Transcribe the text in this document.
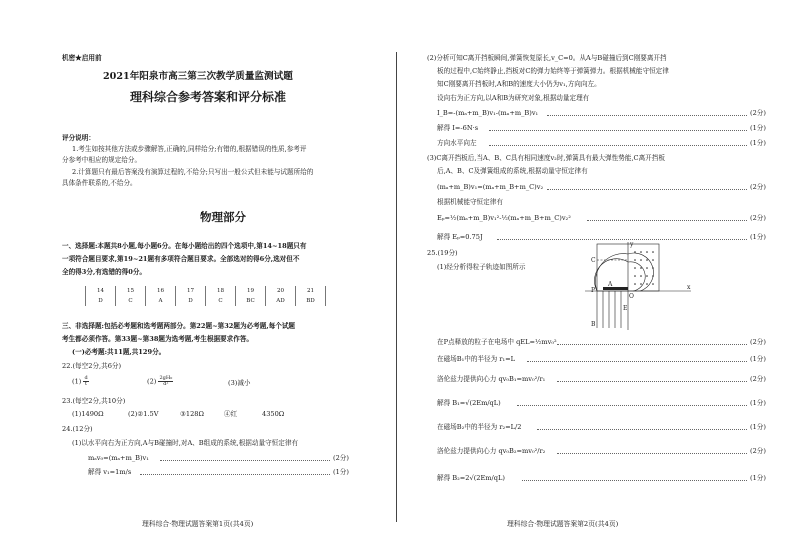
机密★启用前
2021年阳泉市高三第三次教学质量监测试题
理科综合参考答案和评分标准
评分说明：
1.考生如按其他方法或步骤解答,正确的,同样给分;有错的,根据错误的性质,参考评
分参考中相应的规定给分。
2.计算题只有最后答案没有演算过程的,不给分;只写出一般公式但未能与试题所给的
具体条件联系的,不给分。
物理部分
一、选择题:本题共8小题,每小题6分。在每小题给出的四个选项中,第14~18题只有
一项符合题目要求,第19~21题有多项符合题目要求。全部选对的得6分,选对但不
全的得3分,有选错的得0分。
14	15	16	17	18	19	20	21
D	C	A	D	C	BC	AD	BD
三、非选择题:包括必考题和选考题两部分。第22题~第32题为必考题,每个试题
考生都必须作答。第33题~第38题为选考题,考生根据要求作答。
(一)必考题:共11题,共129分。
22.(每空2分,共6分)
$(1) \frac{d}{t}$	$(2) \frac{\text{2gH₀}}{\text{d²}}$	(3)减小
23.(每空2分,共10分)
(1)1490Ω	(2)②1.5V	③128Ω	④红	4350Ω
24.(12分)
(1)以水平向右为正方向,A与B碰撞时,对A、B组成的系统,根据动量守恒定律有
mₐv₀=(mₐ+m_B)v₁	(2分)
解得 v₁=1m/s	(1分)
理科综合·物理试题答案第1页(共4页)
(2)分析可知C离开挡板瞬间,弹簧恢复原长,v_C=0。从A与B碰撞后到C刚要离开挡
板的过程中,C始终静止,挡板对C的弹力始终等于弹簧弹力。根据机械能守恒定律
知C刚要离开挡板时,A和B的速度大小仍为v₁,方向向左。
设向右为正方向,以A和B为研究对象,根据动量定理有
I_B=-(mₐ+m_B)v₁-(mₐ+m_B)v₁	(2分)
解得 I=-6N·s	(1分)
方向水平向左	(1分)
(3)C离开挡板后,当A、B、C具有相同速度v₂时,弹簧具有最大弹性势能,C离开挡板
后,A、B、C及弹簧组成的系统,根据动量守恒定律有
(mₐ+m_B)v₁=(mₐ+m_B+m_C)v₂	(2分)
根据机械能守恒定律有
Eₚ=½(mₐ+m_B)v₁²-½(mₐ+m_B+m_C)v₂²	(2分)
解得 Eₚ=0.75J	(1分)
25.(19分)
(1)经分析得粒子轨迹如图所示
C
P
A
O
y
x
B
E
在P点释放的粒子在电场中 qEL=½mv₀²	(2分)
在磁场B₁中的半径为 r₁=L	(1分)
洛伦兹力提供向心力 qv₀B₁=mv₀²/r₁	(2分)
解得 B₁=√(2Em/qL)	(1分)
在磁场B₂中的半径为 r₂=L/2	(1分)
洛伦兹力提供向心力 qv₀B₂=mv₀²/r₂	(2分)
解得 B₂=2√(2Em/qL)	(1分)
理科综合·物理试题答案第2页(共4页)
